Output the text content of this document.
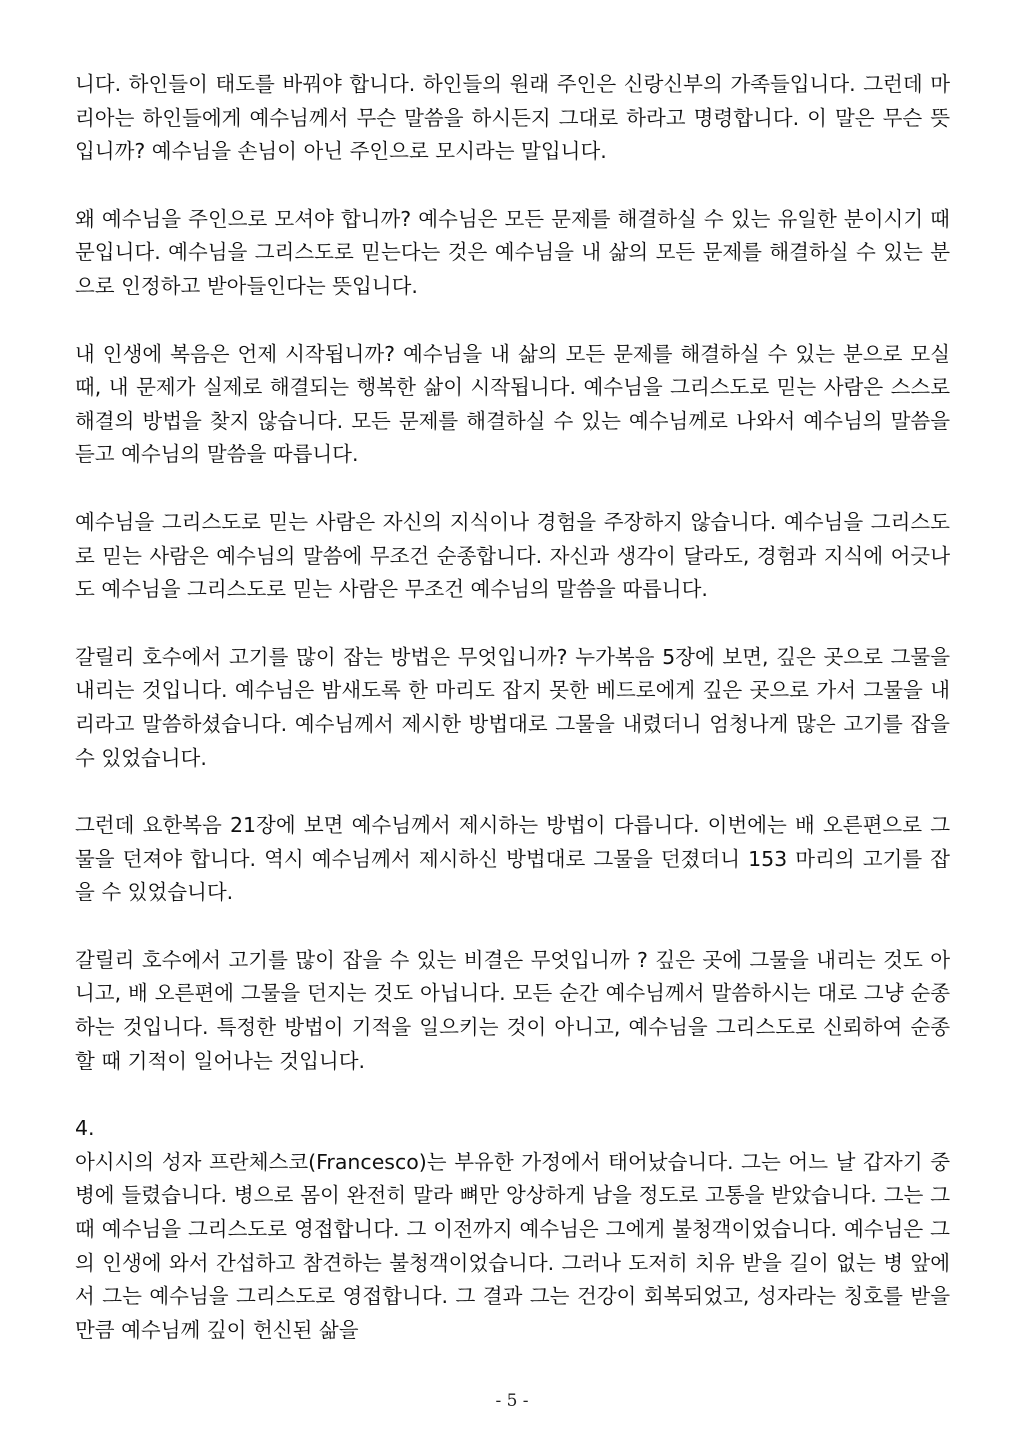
니다. 하인들이 태도를 바꿔야 합니다. 하인들의 원래 주인은 신랑신부의 가족들입니다. 그런데 마리아는 하인들에게 예수님께서 무슨 말씀을 하시든지 그대로 하라고 명령합니다. 이 말은 무슨 뜻입니까? 예수님을 손님이 아닌 주인으로 모시라는 말입니다.

왜 예수님을 주인으로 모셔야 합니까? 예수님은 모든 문제를 해결하실 수 있는 유일한 분이시기 때문입니다. 예수님을 그리스도로 믿는다는 것은 예수님을 내 삶의 모든 문제를 해결하실 수 있는 분으로 인정하고 받아들인다는 뜻입니다.

내 인생에 복음은 언제 시작됩니까? 예수님을 내 삶의 모든 문제를 해결하실 수 있는 분으로 모실 때, 내 문제가 실제로 해결되는 행복한 삶이 시작됩니다. 예수님을 그리스도로 믿는 사람은 스스로 해결의 방법을 찾지 않습니다. 모든 문제를 해결하실 수 있는 예수님께로 나와서 예수님의 말씀을 듣고 예수님의 말씀을 따릅니다.

예수님을 그리스도로 믿는 사람은 자신의 지식이나 경험을 주장하지 않습니다. 예수님을 그리스도로 믿는 사람은 예수님의 말씀에 무조건 순종합니다. 자신과 생각이 달라도, 경험과 지식에 어긋나도 예수님을 그리스도로 믿는 사람은 무조건 예수님의 말씀을 따릅니다.

갈릴리 호수에서 고기를 많이 잡는 방법은 무엇입니까? 누가복음 5장에 보면, 깊은 곳으로 그물을 내리는 것입니다. 예수님은 밤새도록 한 마리도 잡지 못한 베드로에게 깊은 곳으로 가서 그물을 내리라고 말씀하셨습니다. 예수님께서 제시한 방법대로 그물을 내렸더니 엄청나게 많은 고기를 잡을 수 있었습니다.

그런데 요한복음 21장에 보면 예수님께서 제시하는 방법이 다릅니다. 이번에는 배 오른편으로 그물을 던져야 합니다. 역시 예수님께서 제시하신 방법대로 그물을 던졌더니 153 마리의 고기를 잡을 수 있었습니다.

갈릴리 호수에서 고기를 많이 잡을 수 있는 비결은 무엇입니까 ? 깊은 곳에 그물을 내리는 것도 아니고, 배 오른편에 그물을 던지는 것도 아닙니다. 모든 순간 예수님께서 말씀하시는 대로 그냥 순종하는 것입니다. 특정한 방법이 기적을 일으키는 것이 아니고, 예수님을 그리스도로 신뢰하여 순종할 때 기적이 일어나는 것입니다.

4.

아시시의 성자 프란체스코(Francesco)는 부유한 가정에서 태어났습니다. 그는 어느 날 갑자기 중병에 들렸습니다. 병으로 몸이 완전히 말라 뼈만 앙상하게 남을 정도로 고통을 받았습니다. 그는 그때 예수님을 그리스도로 영접합니다. 그 이전까지 예수님은 그에게 불청객이었습니다. 예수님은 그의 인생에 와서 간섭하고 참견하는 불청객이었습니다. 그러나 도저히 치유 받을 길이 없는 병 앞에서 그는 예수님을 그리스도로 영접합니다. 그 결과 그는 건강이 회복되었고, 성자라는 칭호를 받을 만큼 예수님께 깊이 헌신된 삶을

- 5 -
